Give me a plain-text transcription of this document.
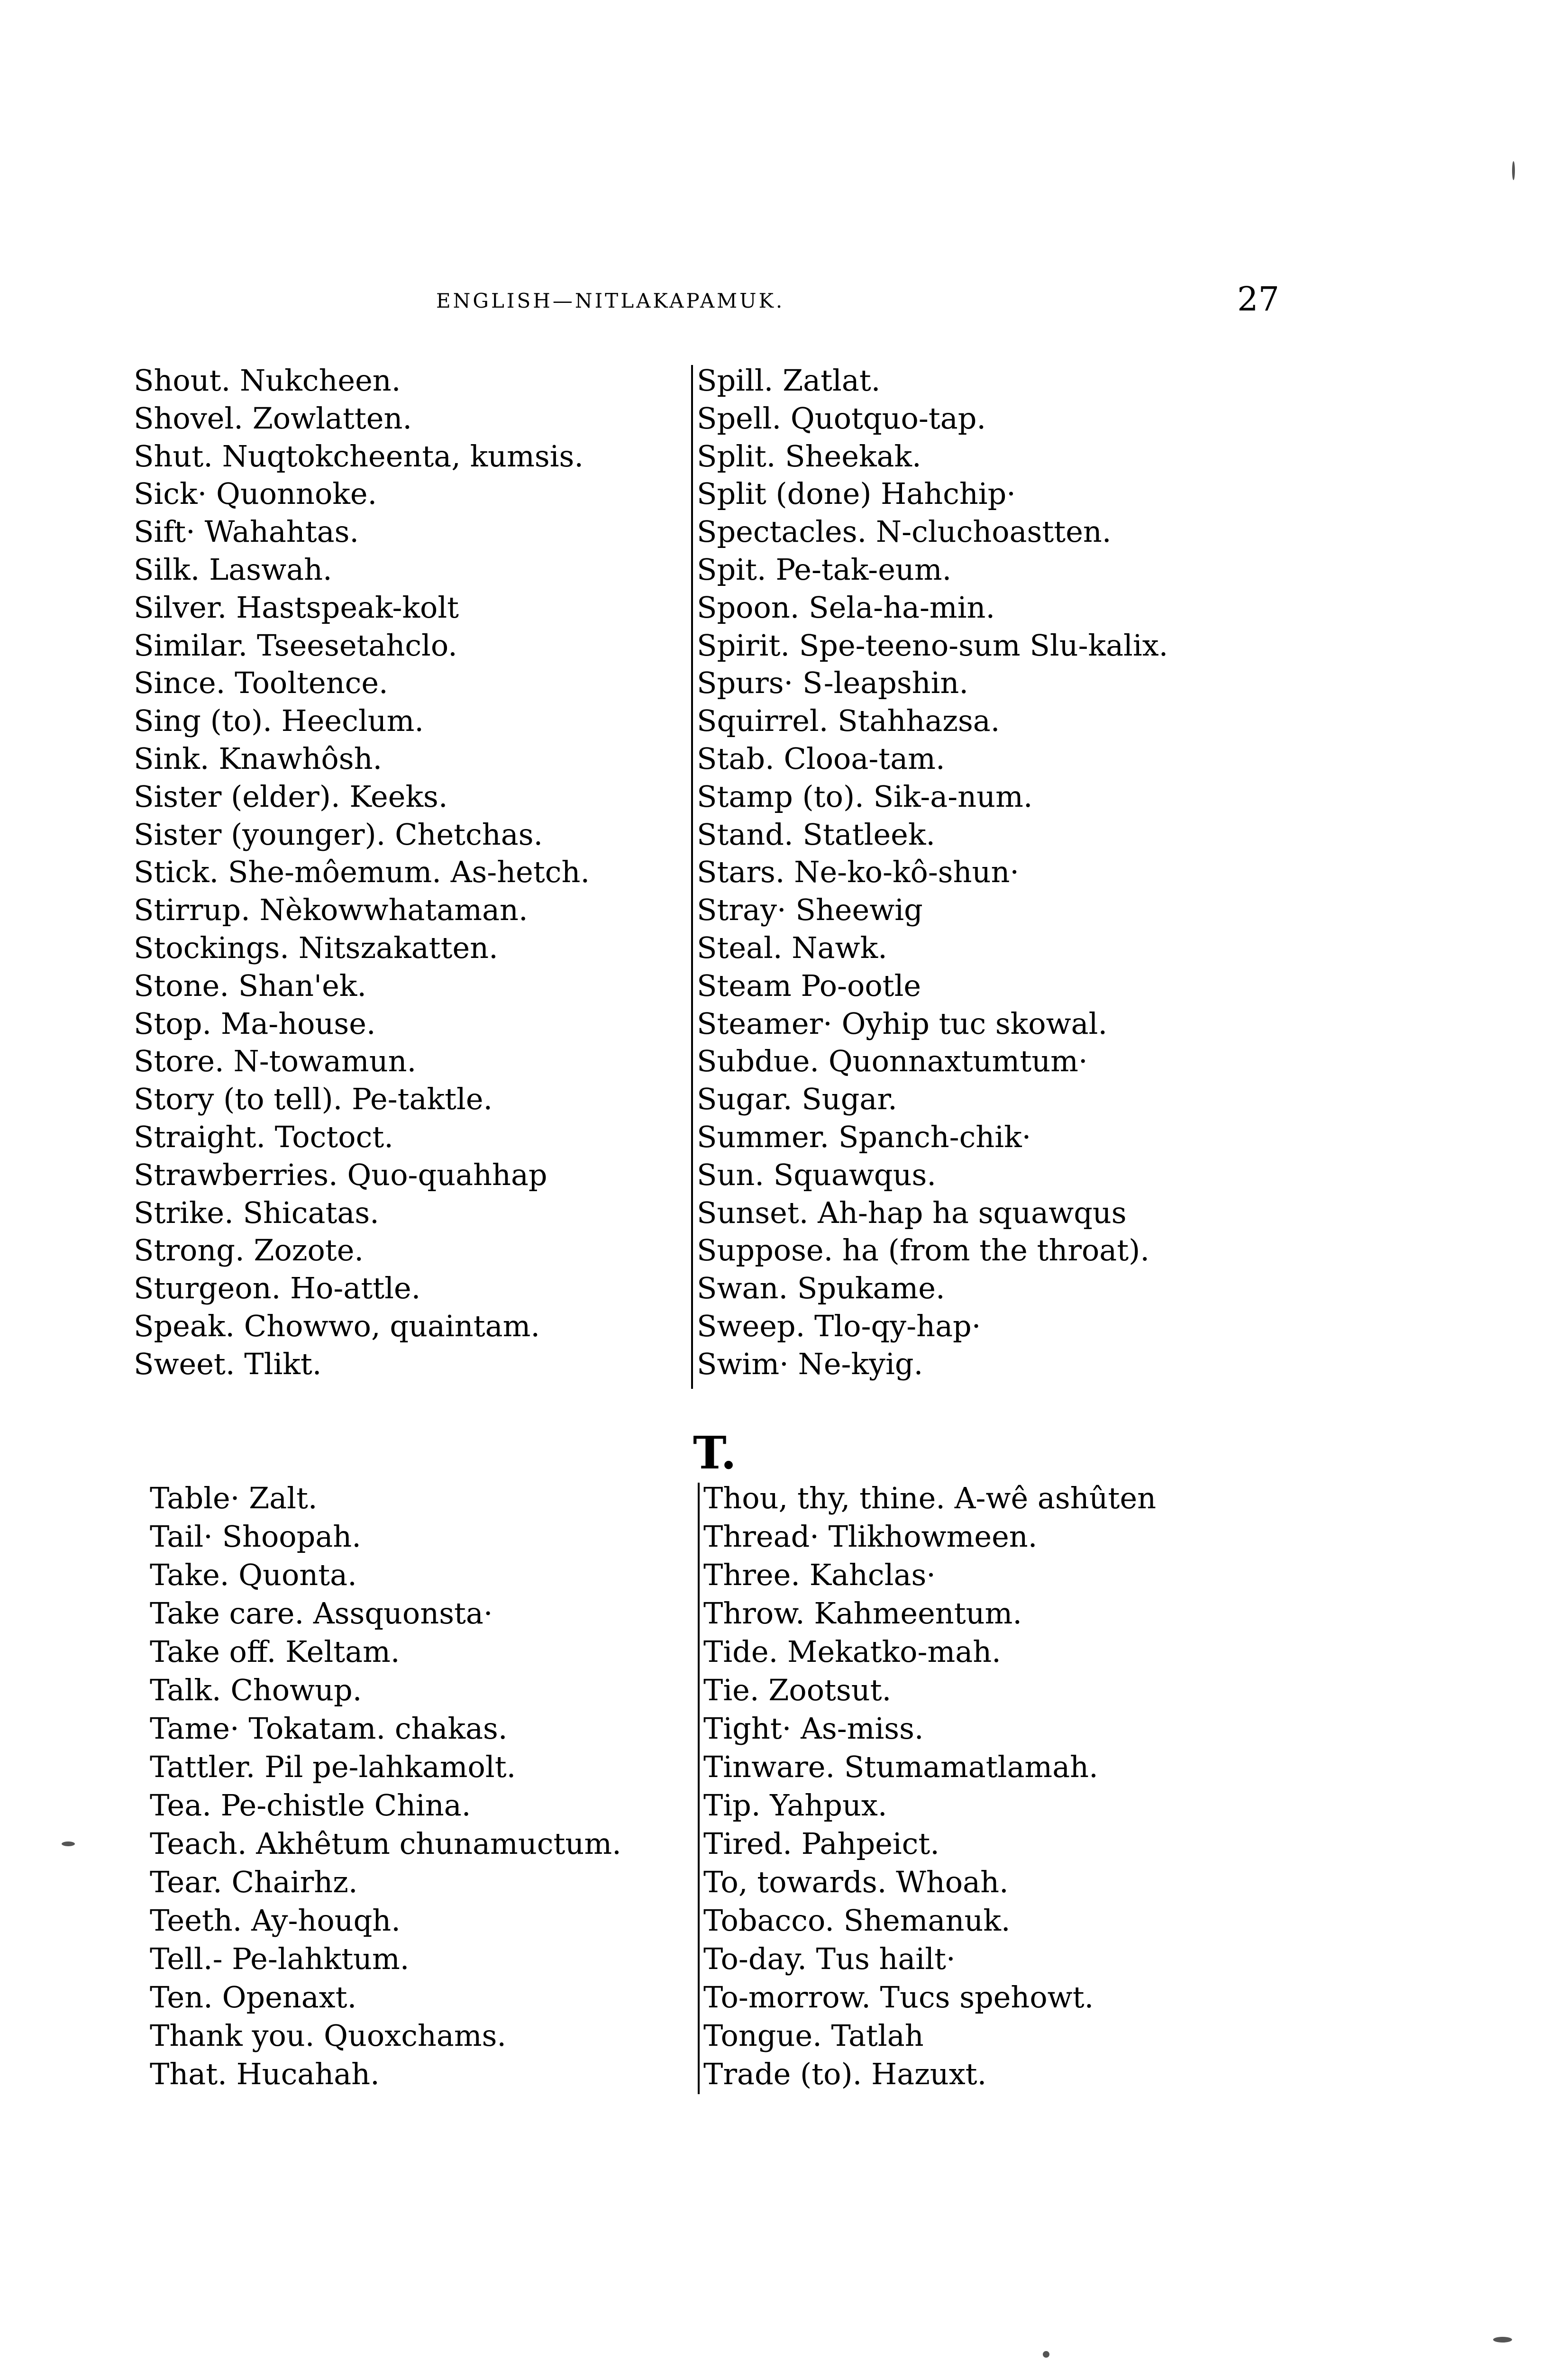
ENGLISH—NITLAKAPAMUK.	27
Shout. Nukcheen.
Shovel. Zowlatten.
Shut. Nuqtokcheenta, kumsis.
Sick· Quonnoke.
Sift· Wahahtas.
Silk. Laswah.
Silver. Hastspeak-kolt
Similar. Tseesetahclo.
Since. Tooltence.
Sing (to). Heeclum.
Sink. Knawhôsh.
Sister (elder). Keeks.
Sister (younger). Chetchas.
Stick. She-môemum. As-hetch.
Stirrup. Nèkowwhataman.
Stockings. Nitszakatten.
Stone. Shan'ek.
Stop. Ma-house.
Store. N-towamun.
Story (to tell). Pe-taktle.
Straight. Toctoct.
Strawberries. Quo-quahhap
Strike. Shicatas.
Strong. Zozote.
Sturgeon. Ho-attle.
Speak. Chowwo, quaintam.
Sweet. Tlikt.
Spill. Zatlat.
Spell. Quotquo-tap.
Split. Sheekak.
Split (done) Hahchip·
Spectacles. N-cluchoastten.
Spit. Pe-tak-eum.
Spoon. Sela-ha-min.
Spirit. Spe-teeno-sum Slu-kalix.
Spurs· S-leapshin.
Squirrel. Stahhazsa.
Stab. Clooa-tam.
Stamp (to). Sik-a-num.
Stand. Statleek.
Stars. Ne-ko-kô-shun·
Stray· Sheewig
Steal. Nawk.
Steam Po-ootle
Steamer· Oyhip tuc skowal.
Subdue. Quonnaxtumtum·
Sugar. Sugar.
Summer. Spanch-chik·
Sun. Squawqus.
Sunset. Ah-hap ha squawqus
Suppose. ha (from the throat).
Swan. Spukame.
Sweep. Tlo-qy-hap·
Swim· Ne-kyig.
T.
Table· Zalt.
Tail· Shoopah.
Take. Quonta.
Take care. Assquonsta·
Take off. Keltam.
Talk. Chowup.
Tame· Tokatam. chakas.
Tattler. Pil pe-lahkamolt.
Tea. Pe-chistle China.
Teach. Akhêtum chunamuctum.
Tear. Chairhz.
Teeth. Ay-houqh.
Tell.- Pe-lahktum.
Ten. Openaxt.
Thank you. Quoxchams.
That. Hucahah.
Thou, thy, thine. A-wê ashûten
Thread· Tlikhowmeen.
Three. Kahclas·
Throw. Kahmeentum.
Tide. Mekatko-mah.
Tie. Zootsut.
Tight· As-miss.
Tinware. Stumamatlamah.
Tip. Yahpux.
Tired. Pahpeict.
To, towards. Whoah.
Tobacco. Shemanuk.
To-day. Tus hailt·
To-morrow. Tucs spehowt.
Tongue. Tatlah
Trade (to). Hazuxt.
